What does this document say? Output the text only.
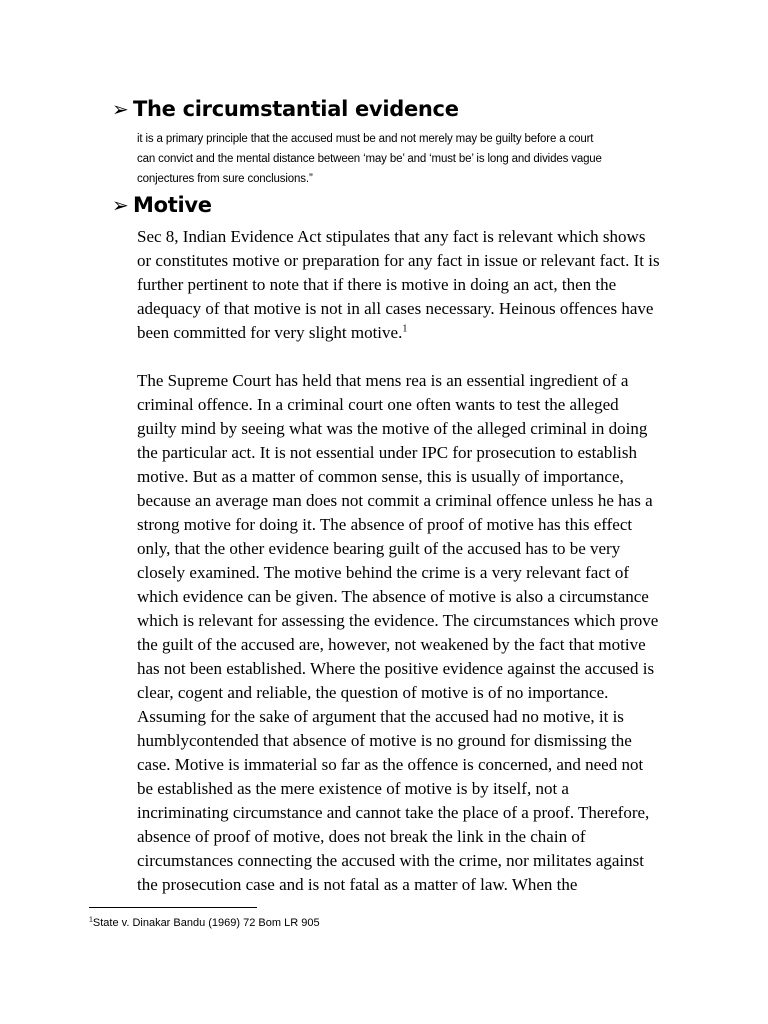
➢ The circumstantial evidence
it is a primary principle that the accused must be and not merely may be guilty before a court
can convict and the mental distance between ‘may be’ and ‘must be’ is long and divides vague
conjectures from sure conclusions.”
➢ Motive
Sec 8, Indian Evidence Act stipulates that any fact is relevant which shows
or constitutes motive or preparation for any fact in issue or relevant fact. It is
further pertinent to note that if there is motive in doing an act, then the
adequacy of that motive is not in all cases necessary. Heinous offences have
been committed for very slight motive.$^1$
The Supreme Court has held that mens rea is an essential ingredient of a
criminal offence. In a criminal court one often wants to test the alleged
guilty mind by seeing what was the motive of the alleged criminal in doing
the particular act. It is not essential under IPC for prosecution to establish
motive. But as a matter of common sense, this is usually of importance,
because an average man does not commit a criminal offence unless he has a
strong motive for doing it. The absence of proof of motive has this effect
only, that the other evidence bearing guilt of the accused has to be very
closely examined. The motive behind the crime is a very relevant fact of
which evidence can be given. The absence of motive is also a circumstance
which is relevant for assessing the evidence. The circumstances which prove
the guilt of the accused are, however, not weakened by the fact that motive
has not been established. Where the positive evidence against the accused is
clear, cogent and reliable, the question of motive is of no importance.
Assuming for the sake of argument that the accused had no motive, it is
humblycontended that absence of motive is no ground for dismissing the
case. Motive is immaterial so far as the offence is concerned, and need not
be established as the mere existence of motive is by itself, not a
incriminating circumstance and cannot take the place of a proof. Therefore,
absence of proof of motive, does not break the link in the chain of
circumstances connecting the accused with the crime, nor militates against
the prosecution case and is not fatal as a matter of law. When the
$^1$State v. Dinakar Bandu (1969) 72 Bom LR 905
